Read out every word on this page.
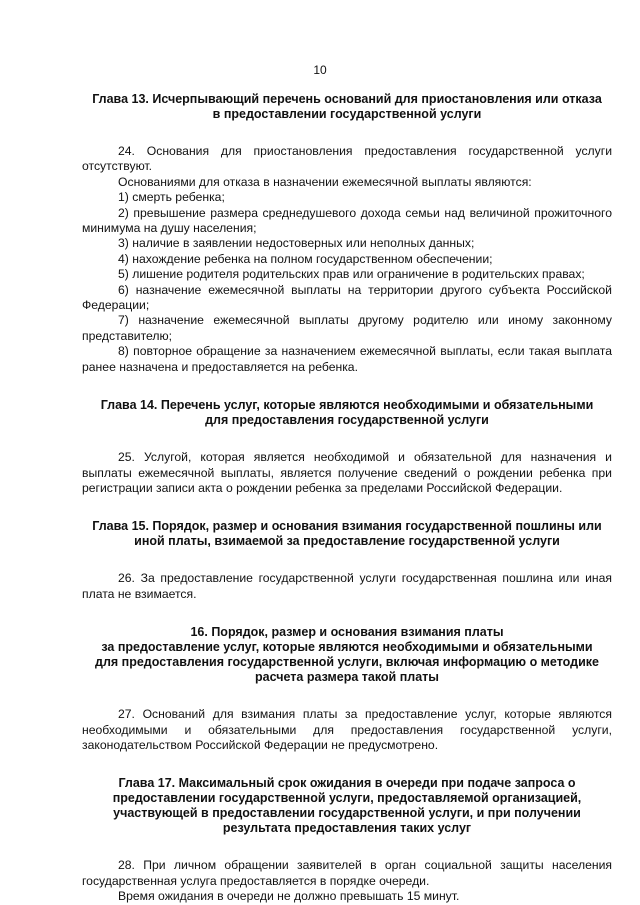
10
Глава 13. Исчерпывающий перечень оснований для приостановления или отказа
в предоставлении государственной услуги

24. Основания для приостановления предоставления государственной услуги отсутствуют.

Основаниями для отказа в назначении ежемесячной выплаты являются:

1) смерть ребенка;

2) превышение размера среднедушевого дохода семьи над величиной прожиточного минимума на душу населения;

3) наличие в заявлении недостоверных или неполных данных;

4) нахождение ребенка на полном государственном обеспечении;

5) лишение родителя родительских прав или ограничение в родительских правах;

6) назначение ежемесячной выплаты на территории другого субъекта Российской Федерации;

7) назначение ежемесячной выплаты другому родителю или иному законному представителю;

8) повторное обращение за назначением ежемесячной выплаты, если такая выплата ранее назначена и предоставляется на ребенка.

Глава 14. Перечень услуг, которые являются необходимыми и обязательными
для предоставления государственной услуги

25. Услугой, которая является необходимой и обязательной для назначения и выплаты ежемесячной выплаты, является получение сведений о рождении ребенка при регистрации записи акта о рождении ребенка за пределами Российской Федерации.

Глава 15. Порядок, размер и основания взимания государственной пошлины или
иной платы, взимаемой за предоставление государственной услуги

26. За предоставление государственной услуги государственная пошлина или иная плата не взимается.

16. Порядок, размер и основания взимания платы
за предоставление услуг, которые являются необходимыми и обязательными
для предоставления государственной услуги, включая информацию о методике
расчета размера такой платы

27. Оснований для взимания платы за предоставление услуг, которые являются необходимыми и обязательными для предоставления государственной услуги, законодательством Российской Федерации не предусмотрено.

Глава 17. Максимальный срок ожидания в очереди при подаче запроса о
предоставлении государственной услуги, предоставляемой организацией,
участвующей в предоставлении государственной услуги, и при получении
результата предоставления таких услуг

28. При личном обращении заявителей в орган социальной защиты населения государственная услуга предоставляется в порядке очереди.

Время ожидания в очереди не должно превышать 15 минут.
